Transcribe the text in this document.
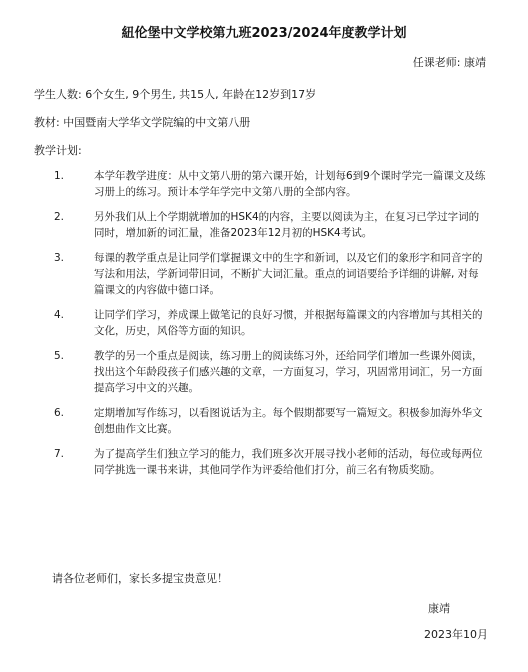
紐伦堡中文学校第九班2023/2024年度教学计划
任课老师: 康靖
学生人数: 6个女生, 9个男生, 共15人, 年龄在12岁到17岁
教材: 中国暨南大学华文学院编的中文第八册
教学计划:
1.	本学年教学进度：从中文第八册的第六课开始，计划每6到9个课时学完一篇课文及练习册上的练习。预计本学年学完中文第八册的全部内容。
2.	另外我们从上个学期就增加的HSK4的内容，主要以阅读为主，在复习已学过字词的同时，增加新的词汇量，准备2023年12月初的HSK4考试。
3.	每课的教学重点是让同学们掌握课文中的生字和新词，以及它们的象形字和同音字的写法和用法，学新词带旧词，不断扩大词汇量。重点的词语要给予详细的讲解, 对每篇课文的内容做中德口译。
4.	让同学们学习，养成课上做笔记的良好习惯，并根据每篇课文的内容增加与其相关的文化，历史，风俗等方面的知识。
5.	教学的另一个重点是阅读，练习册上的阅读练习外，还给同学们增加一些课外阅读，找出这个年龄段孩子们感兴趣的文章，一方面复习，学习，巩固常用词汇，另一方面提高学习中文的兴趣。
6.	定期增加写作练习，以看图说话为主。每个假期都要写一篇短文。积极参加海外华文创想曲作文比赛。
7.	为了提高学生们独立学习的能力，我们班多次开展寻找小老师的活动，每位或每两位同学挑选一课书来讲，其他同学作为评委给他们打分，前三名有物质奖励。
请各位老师们，家长多提宝贵意见！
康靖
2023年10月
